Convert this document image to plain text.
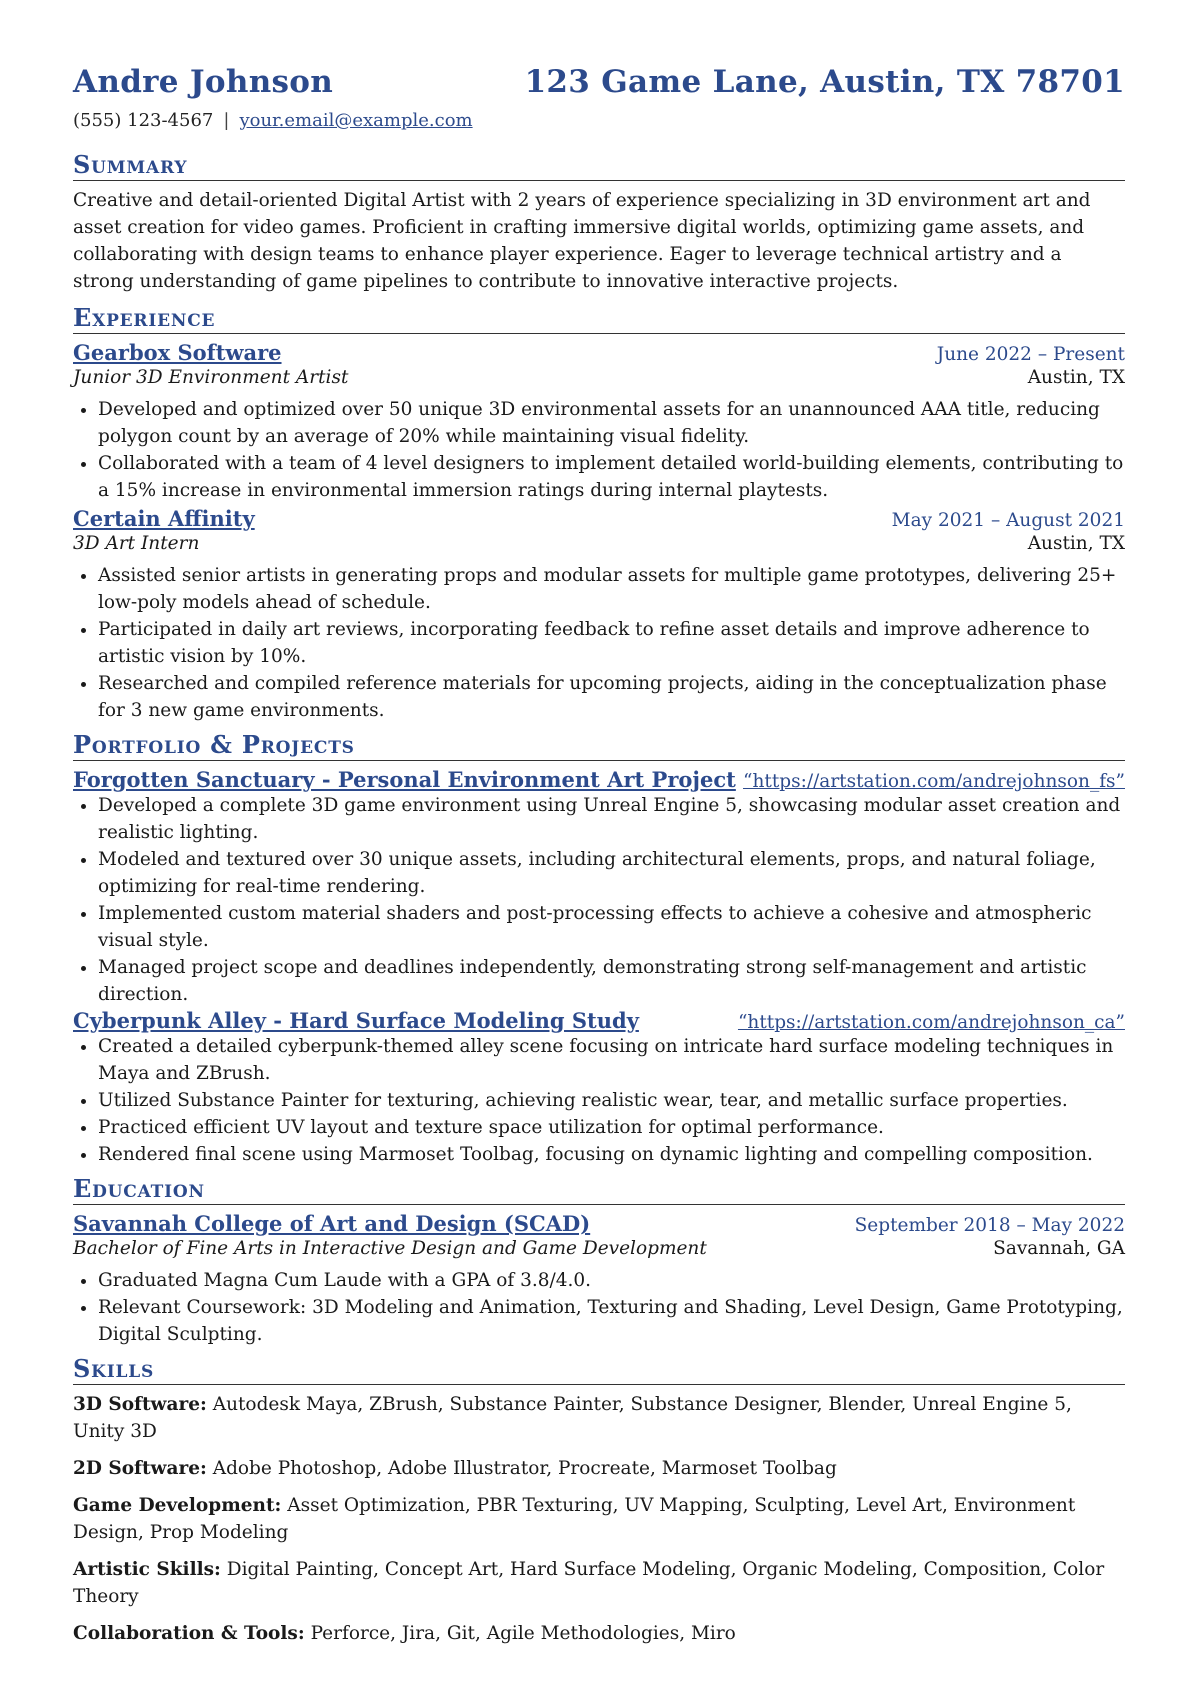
Andre Johnson	123 Game Lane, Austin, TX 78701
(555) 123-4567 | your.email@example.com
Summary
Creative and detail-oriented Digital Artist with 2 years of experience specializing in 3D environment art and asset creation for video games. Proficient in crafting immersive digital worlds, optimizing game assets, and collaborating with design teams to enhance player experience. Eager to leverage technical artistry and a strong understanding of game pipelines to contribute to innovative interactive projects.
Experience
Gearbox Software	June 2022 – Present
Junior 3D Environment Artist	Austin, TX
• Developed and optimized over 50 unique 3D environmental assets for an unannounced AAA title, reducing polygon count by an average of 20% while maintaining visual fidelity.
• Collaborated with a team of 4 level designers to implement detailed world-building elements, contributing to a 15% increase in environmental immersion ratings during internal playtests.
Certain Affinity	May 2021 – August 2021
3D Art Intern	Austin, TX
• Assisted senior artists in generating props and modular assets for multiple game prototypes, delivering 25+ low-poly models ahead of schedule.
• Participated in daily art reviews, incorporating feedback to refine asset details and improve adherence to artistic vision by 10%.
• Researched and compiled reference materials for upcoming projects, aiding in the conceptualization phase for 3 new game environments.
Portfolio & Projects
Forgotten Sanctuary - Personal Environment Art Project “https://artstation.com/andrejohnson_fs”
• Developed a complete 3D game environment using Unreal Engine 5, showcasing modular asset creation and realistic lighting.
• Modeled and textured over 30 unique assets, including architectural elements, props, and natural foliage, optimizing for real-time rendering.
• Implemented custom material shaders and post-processing effects to achieve a cohesive and atmospheric visual style.
• Managed project scope and deadlines independently, demonstrating strong self-management and artistic direction.
Cyberpunk Alley - Hard Surface Modeling Study	“https://artstation.com/andrejohnson_ca”
• Created a detailed cyberpunk-themed alley scene focusing on intricate hard surface modeling techniques in Maya and ZBrush.
• Utilized Substance Painter for texturing, achieving realistic wear, tear, and metallic surface properties.
• Practiced efficient UV layout and texture space utilization for optimal performance.
• Rendered final scene using Marmoset Toolbag, focusing on dynamic lighting and compelling composition.
Education
Savannah College of Art and Design (SCAD)	September 2018 – May 2022
Bachelor of Fine Arts in Interactive Design and Game Development	Savannah, GA
• Graduated Magna Cum Laude with a GPA of 3.8/4.0.
• Relevant Coursework: 3D Modeling and Animation, Texturing and Shading, Level Design, Game Prototyping, Digital Sculpting.
Skills
3D Software: Autodesk Maya, ZBrush, Substance Painter, Substance Designer, Blender, Unreal Engine 5, Unity 3D
2D Software: Adobe Photoshop, Adobe Illustrator, Procreate, Marmoset Toolbag
Game Development: Asset Optimization, PBR Texturing, UV Mapping, Sculpting, Level Art, Environment Design, Prop Modeling
Artistic Skills: Digital Painting, Concept Art, Hard Surface Modeling, Organic Modeling, Composition, Color Theory
Collaboration & Tools: Perforce, Jira, Git, Agile Methodologies, Miro
